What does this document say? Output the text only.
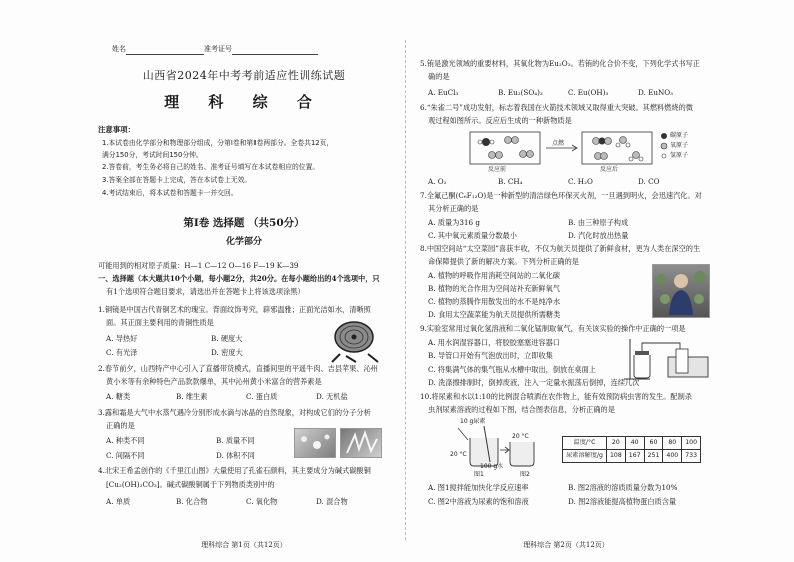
姓名	准考证号
山西省2024年中考考前适应性训练试题
理 科 综 合
注意事项：
1.本试卷由化学部分和物理部分组成，分第Ⅰ卷和第Ⅱ卷两部分。全卷共12页，
满分150分，考试时间150分钟。
2.答卷前，考生务必将自己的姓名、准考证号填写在本试卷相应的位置。
3.答案全部在答题卡上完成，答在本试卷上无效。
4.考试结束后，将本试卷和答题卡一并交回。
第Ⅰ卷 选择题 （共50分）
化学部分
可能用到的相对原子质量：H—1 C—12 O—16 F—19 K—39
一、选择题（本大题共10个小题，每小题2分，共20分。在每小题给出的4个选项中，只
有1个选项符合题目要求，请选出并在答题卡上将该选项涂黑）
1.铜镜是中国古代青铜艺术的瑰宝。背面纹饰考究，辟邪温雅；正面光洁如水，清晰照
面。其正面主要利用的青铜性质是
A. 导热好	B. 硬度大
C. 有光泽	D. 密度大
2.春节前夕，山西特产中心引入了直播带货模式，直播间里的平遥牛肉、吉县苹果、沁州
黄小米等有余种特色产品款款爆单，其中沁州黄小米富含的营养素是
A. 糖类	B. 维生素	C. 蛋白质	D. 无机盐
3.露和霜是大气中水蒸气遇冷分别形成水滴与冰晶的自然现象，对构成它们的分子分析
正确的是
A. 种类不同	B. 质量不同
C. 间隔不同	D. 体积不同
4.北宋王希孟创作的《千里江山图》大量使用了孔雀石颜料，其主要成分为碱式碳酸铜
[Cu₂(OH)₂CO₃]。碱式碳酸铜属于下列物质类别中的
A. 单质	B. 化合物	C. 氧化物	D. 混合物
理科综合 第1页（共12页）
5.铕是激光领域的重要材料，其氧化物为Eu₂O₃。若铕的化合价不变，下列化学式书写正
确的是
A. EuCl₃	B. Eu₂(SO₄)₃	C. Eu(OH)₃	D. EuNO₃
6.“朱雀二号”成功发射，标志着我国在火箭技术领域又取得重大突破。其燃料燃烧的微
观过程如图所示。反应后生成的一种新物质是
碳原子
氧原子
氢原子
反应前
点燃
反应后
A. O₂	B. CH₄	C. H₂O	D. CO
7.全氟己酮(C₆F₁₂O)是一种新型的清洁绿色环保灭火剂，一旦遇到明火，会迅速汽化。对
其分析正确的是
A. 质量为316 g	B. 由三种原子构成
C. 其中氧元素质量分数最小	D. 汽化时放出热量
8.中国空间站“太空菜园”喜获丰收，不仅为航天员提供了新鲜食材，更为人类在深空的生
命保障提供了新的解决方案。下列分析正确的是
A. 植物的呼吸作用消耗空间站的二氧化碳
B. 植物的光合作用为空间站补充新鲜氧气
C. 植物的蒸腾作用散发出的水不是纯净水
D. 食用太空蔬菜能为航天员提供所需糖类
9.实验室常用过氧化氢溶液和二氧化锰制取氧气，有关该实验的操作中正确的一项是
A. 用水润湿容器口，将胶胶塞塞进容器口
B. 导管口开始有气泡放出时，立即收集
C. 将集满气体的集气瓶从水槽中取出，倒放在桌面上
D. 洗涤擦排制时，倒掉废液，注入一定量水振荡后倒掉，连续几次
10.将尿素和水以1:10的比例混合喷洒在农作物上，能有效预防病虫害的发生。配制杀
虫剂尿素溶液的过程如下图，结合图表信息，分析正确的是
10 g尿素
20 °C
20 °C
100 g水
图1	图2
温度/°C	20	40	60	80	100
尿素溶解度/g	108	167	251	400	733
A. 图1搅拌能加快化学反应速率	B. 图2溶液的溶质质量分数为10%
C. 图2中溶液为尿素的饱和溶液	D. 图2溶液能提高植物蛋白质含量
理科综合 第2页（共12页）
